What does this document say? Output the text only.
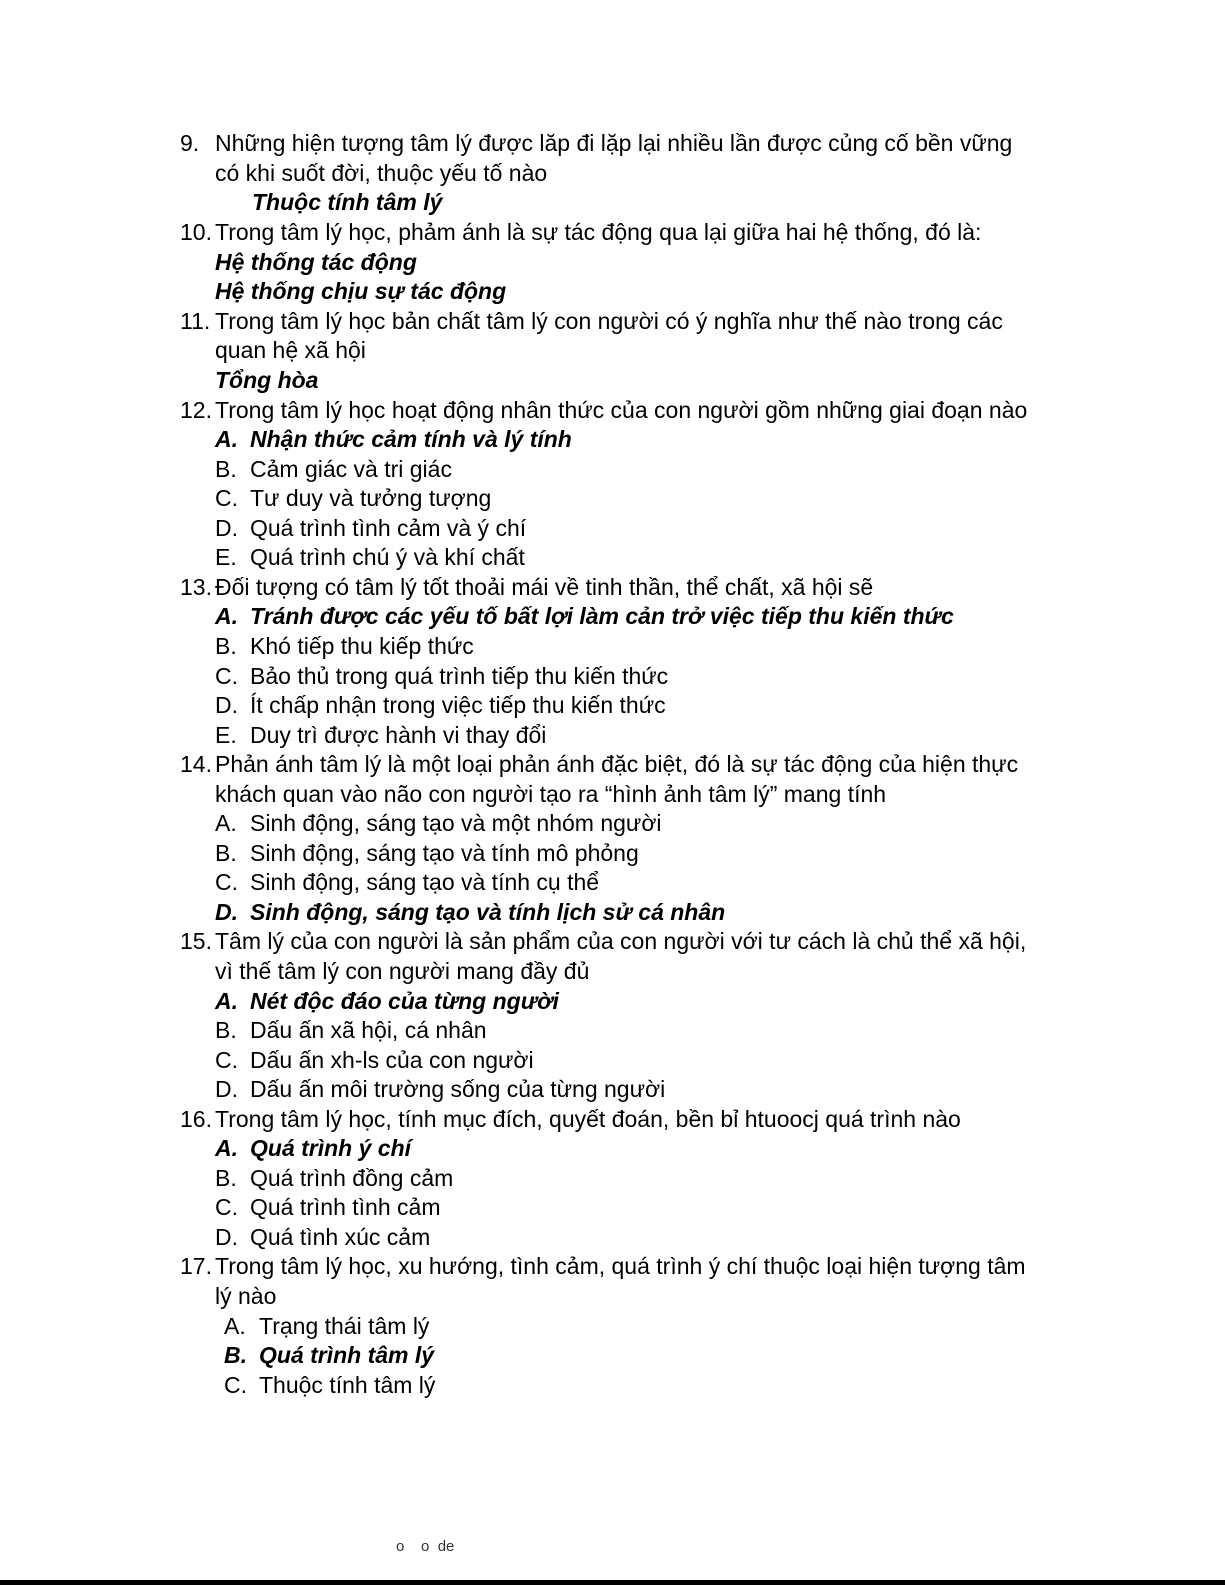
9. Những hiện tượng tâm lý được lăp đi lặp lại nhiều lần được củng cố bền vững
có khi suốt đời, thuộc yếu tố nào
Thuộc tính tâm lý
10. Trong tâm lý học, phảm ánh là sự tác động qua lại giữa hai hệ thống, đó là:
Hệ thống tác động
Hệ thống chịu sự tác động
11. Trong tâm lý học bản chất tâm lý con người có ý nghĩa như thế nào trong các
quan hệ xã hội
Tổng hòa
12. Trong tâm lý học hoạt động nhân thức của con người gồm những giai đoạn nào
A. Nhận thức cảm tính và lý tính
B. Cảm giác và tri giác
C. Tư duy và tưởng tượng
D. Quá trình tình cảm và ý chí
E. Quá trình chú ý và khí chất
13. Đối tượng có tâm lý tốt thoải mái về tinh thần, thể chất, xã hội sẽ
A. Tránh được các yếu tố bất lợi làm cản trở việc tiếp thu kiến thức
B. Khó tiếp thu kiếp thức
C. Bảo thủ trong quá trình tiếp thu kiến thức
D. Ít chấp nhận trong việc tiếp thu kiến thức
E. Duy trì được hành vi thay đổi
14. Phản ánh tâm lý là một loại phản ánh đặc biệt, đó là sự tác động của hiện thực
khách quan vào não con người tạo ra “hình ảnh tâm lý” mang tính
A. Sinh động, sáng tạo và một nhóm người
B. Sinh động, sáng tạo và tính mô phỏng
C. Sinh động, sáng tạo và tính cụ thể
D. Sinh động, sáng tạo và tính lịch sử cá nhân
15. Tâm lý của con người là sản phẩm của con người với tư cách là chủ thể xã hội,
vì thế tâm lý con người mang đầy đủ
A. Nét độc đáo của từng người
B. Dấu ấn xã hội, cá nhân
C. Dấu ấn xh-ls của con người
D. Dấu ấn môi trường sống của từng người
16. Trong tâm lý học, tính mục đích, quyết đoán, bền bỉ htuoocj quá trình nào
A. Quá trình ý chí
B. Quá trình đồng cảm
C. Quá trình tình cảm
D. Quá tình xúc cảm
17. Trong tâm lý học, xu hướng, tình cảm, quá trình ý chí thuộc loại hiện tượng tâm
lý nào
A. Trạng thái tâm lý
B. Quá trình tâm lý
C. Thuộc tính tâm lý
o    o  de
